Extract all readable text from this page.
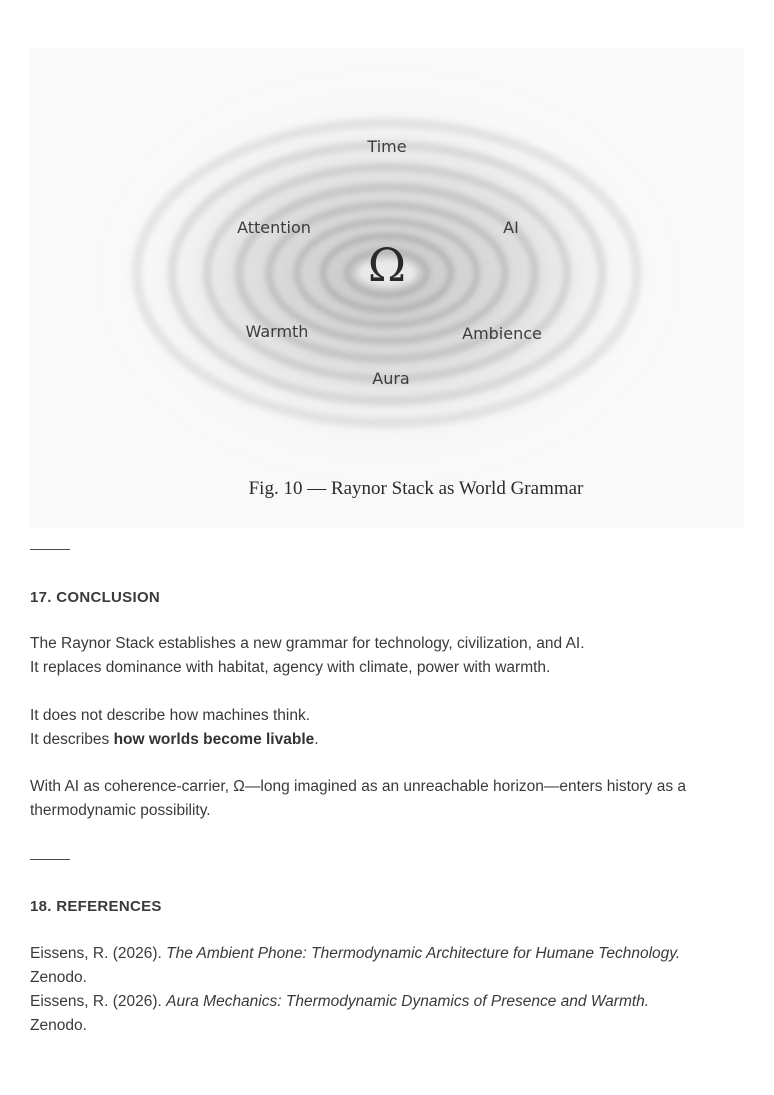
Time
Attention	AI
Ω
Warmth	Ambience
Aura
Fig. 10 — Raynor Stack as World Grammar
17. CONCLUSION

The Raynor Stack establishes a new grammar for technology, civilization, and AI.

It replaces dominance with habitat, agency with climate, power with warmth.

It does not describe how machines think.

It describes how worlds become livable.

With AI as coherence-carrier, Ω—long imagined as an unreachable horizon—enters history as a thermodynamic possibility.

18. REFERENCES

Eissens, R. (2026). The Ambient Phone: Thermodynamic Architecture for Humane Technology.
Zenodo.

Eissens, R. (2026). Aura Mechanics: Thermodynamic Dynamics of Presence and Warmth.
Zenodo.
